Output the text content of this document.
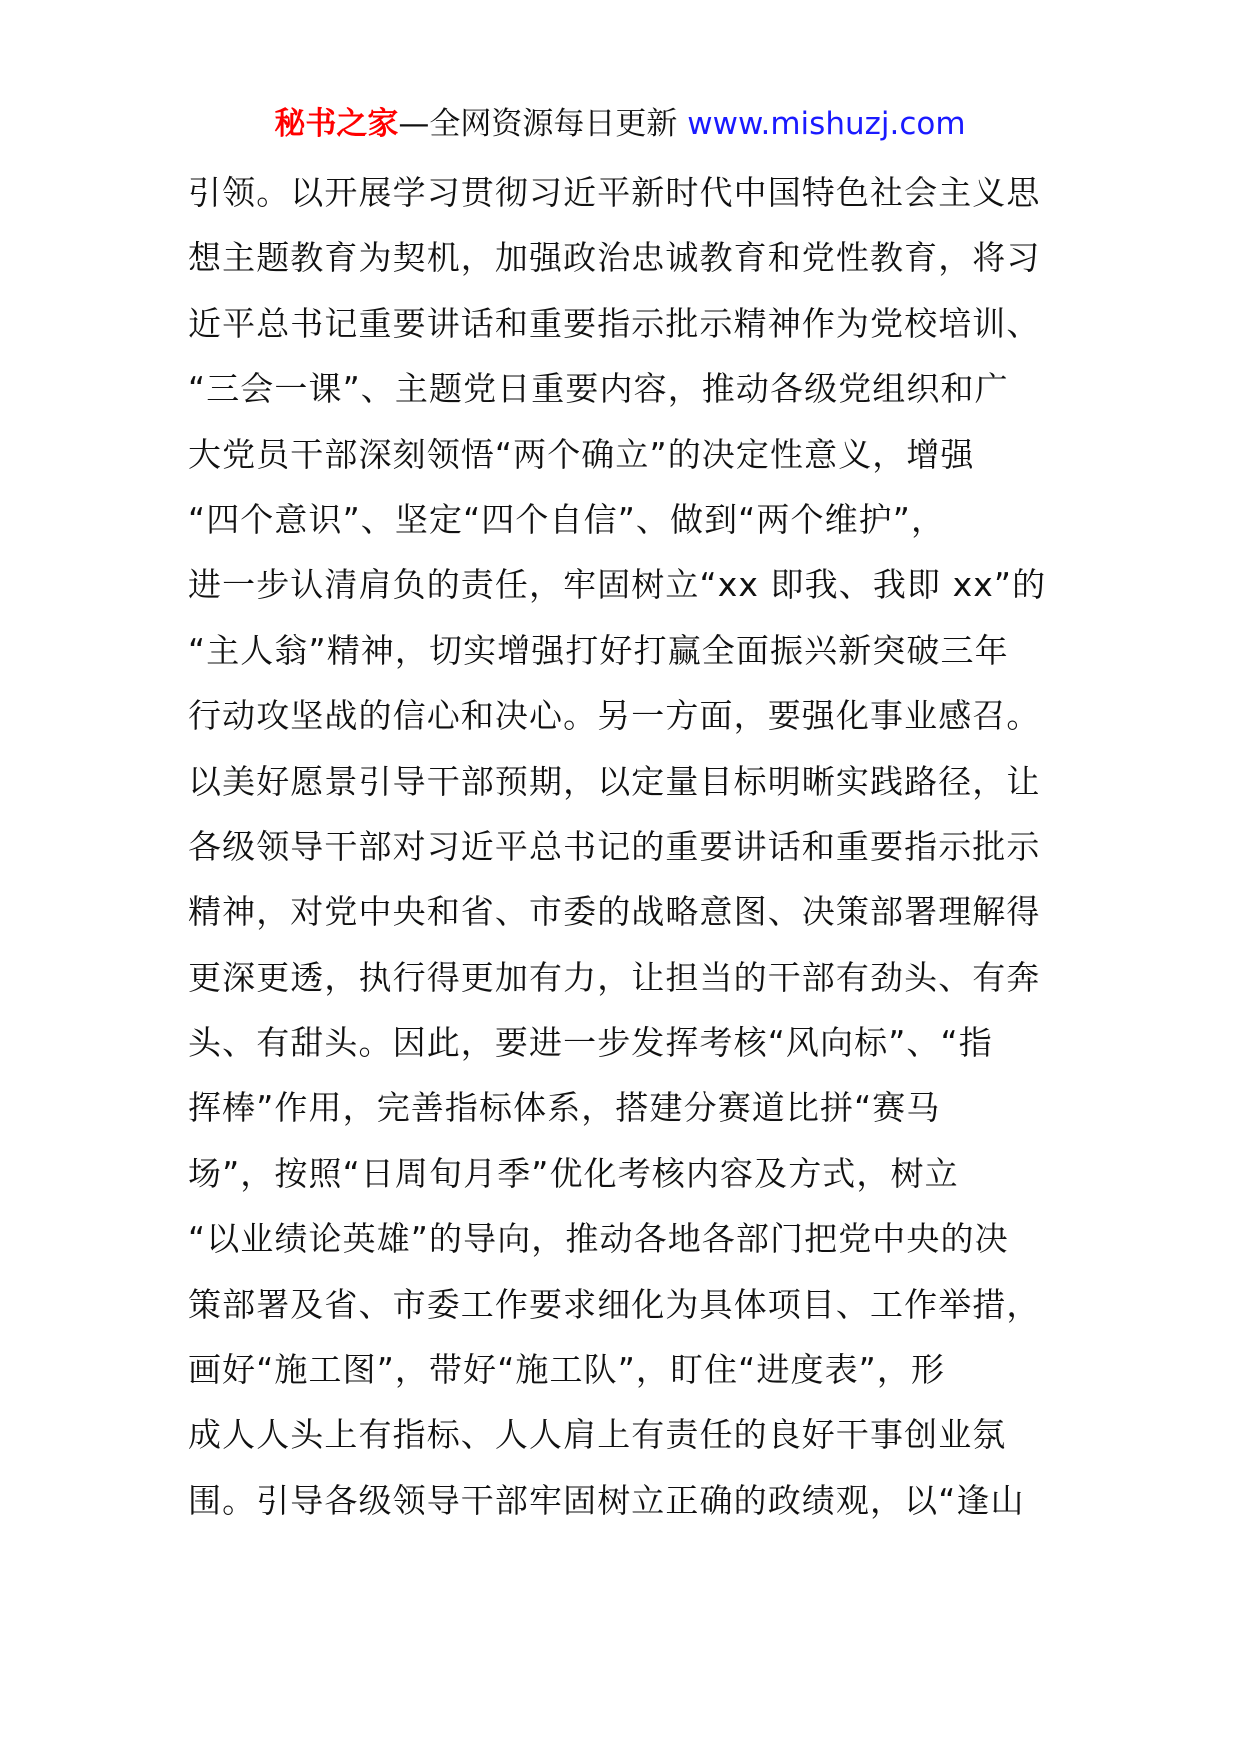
秘书之家—全网资源每日更新 www.mishuzj.com
引领。以开展学习贯彻习近平新时代中国特色社会主义思
想主题教育为契机，加强政治忠诚教育和党性教育，将习
近平总书记重要讲话和重要指示批示精神作为党校培训、
“三会一课”、主题党日重要内容，推动各级党组织和广
大党员干部深刻领悟“两个确立”的决定性意义，增强
“四个意识”、坚定“四个自信”、做到“两个维护”，
进一步认清肩负的责任，牢固树立“xx 即我、我即 xx”的
“主人翁”精神，切实增强打好打赢全面振兴新突破三年
行动攻坚战的信心和决心。另一方面，要强化事业感召。
以美好愿景引导干部预期，以定量目标明晰实践路径，让
各级领导干部对习近平总书记的重要讲话和重要指示批示
精神，对党中央和省、市委的战略意图、决策部署理解得
更深更透，执行得更加有力，让担当的干部有劲头、有奔
头、有甜头。因此，要进一步发挥考核“风向标”、“指
挥棒”作用，完善指标体系，搭建分赛道比拼“赛马
场”，按照“日周旬月季”优化考核内容及方式，树立
“以业绩论英雄”的导向，推动各地各部门把党中央的决
策部署及省、市委工作要求细化为具体项目、工作举措，
画好“施工图”，带好“施工队”，盯住“进度表”，形
成人人头上有指标、人人肩上有责任的良好干事创业氛
围。引导各级领导干部牢固树立正确的政绩观，以“逢山
